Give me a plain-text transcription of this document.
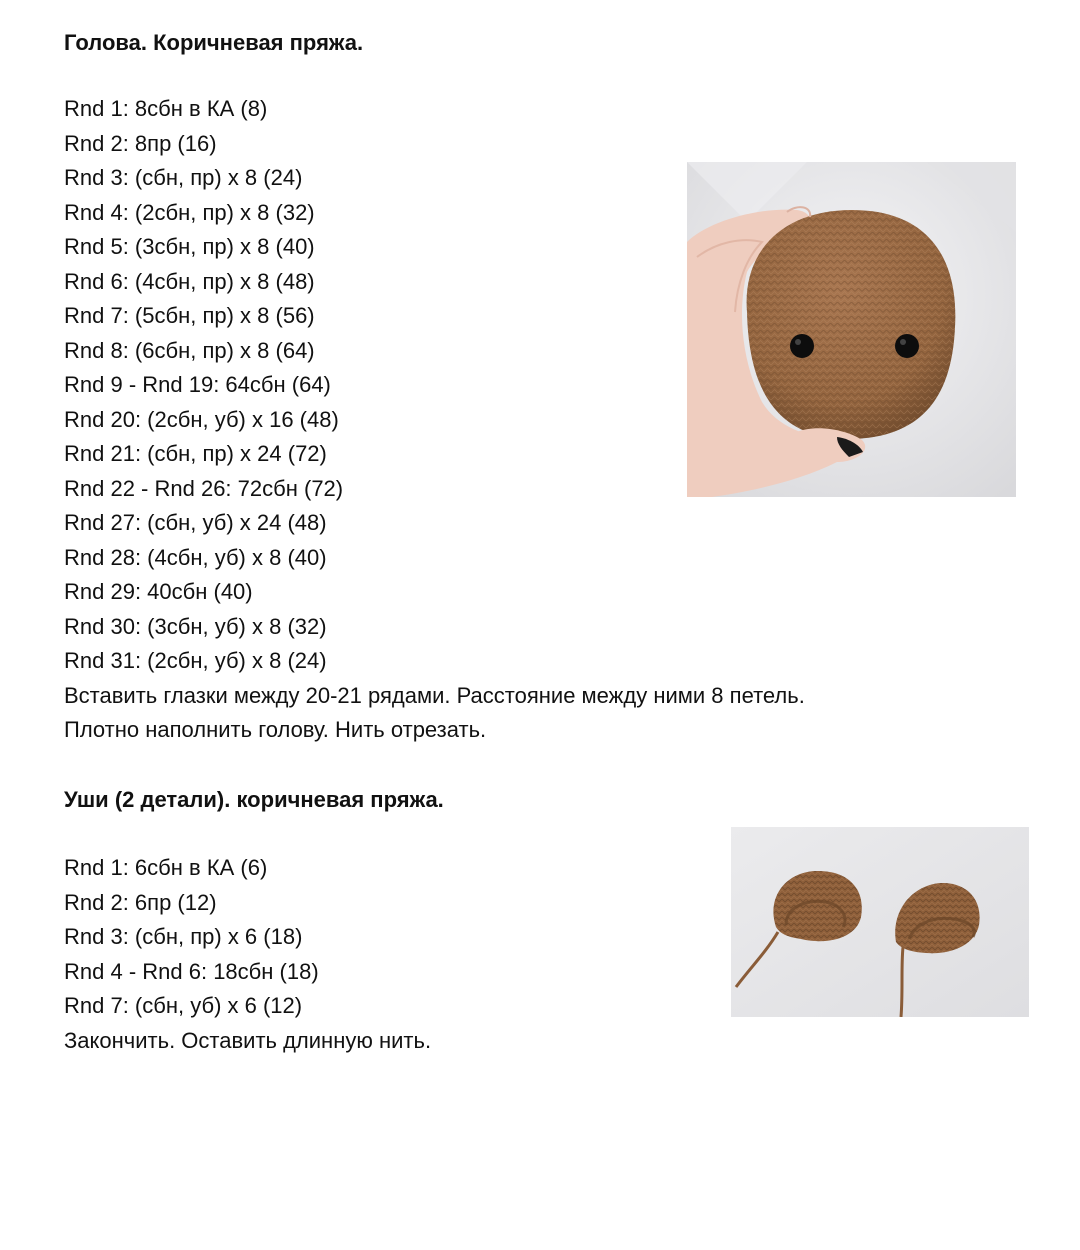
Голова. Коричневая пряжа.
Rnd 1: 8сбн в КА (8)
Rnd 2: 8пр (16)
Rnd 3: (сбн, пр) х 8 (24)
Rnd 4: (2сбн, пр) х 8 (32)
Rnd 5: (3сбн, пр) х 8 (40)
Rnd 6: (4сбн, пр) х 8 (48)
Rnd 7: (5сбн, пр) х 8 (56)
Rnd 8: (6сбн, пр) х 8 (64)
Rnd 9 - Rnd 19: 64сбн (64)
Rnd 20: (2сбн, уб) х 16 (48)
Rnd 21: (сбн, пр) х 24 (72)
Rnd 22 - Rnd 26: 72сбн (72)
Rnd 27: (сбн, уб) х 24 (48)
Rnd 28: (4сбн, уб) х 8 (40)
Rnd 29: 40сбн (40)
Rnd 30: (3сбн, уб) х 8 (32)
Rnd 31: (2сбн, уб) х 8 (24)
Вставить глазки между 20-21 рядами. Расстояние между ними 8 петель.
Плотно наполнить голову. Нить отрезать.
Уши (2 детали). коричневая пряжа.
Rnd 1: 6сбн в КА (6)
Rnd 2: 6пр (12)
Rnd 3: (сбн, пр) х 6 (18)
Rnd 4 - Rnd 6: 18сбн (18)
Rnd 7: (сбн, уб) х 6 (12)
Закончить. Оставить длинную нить.
